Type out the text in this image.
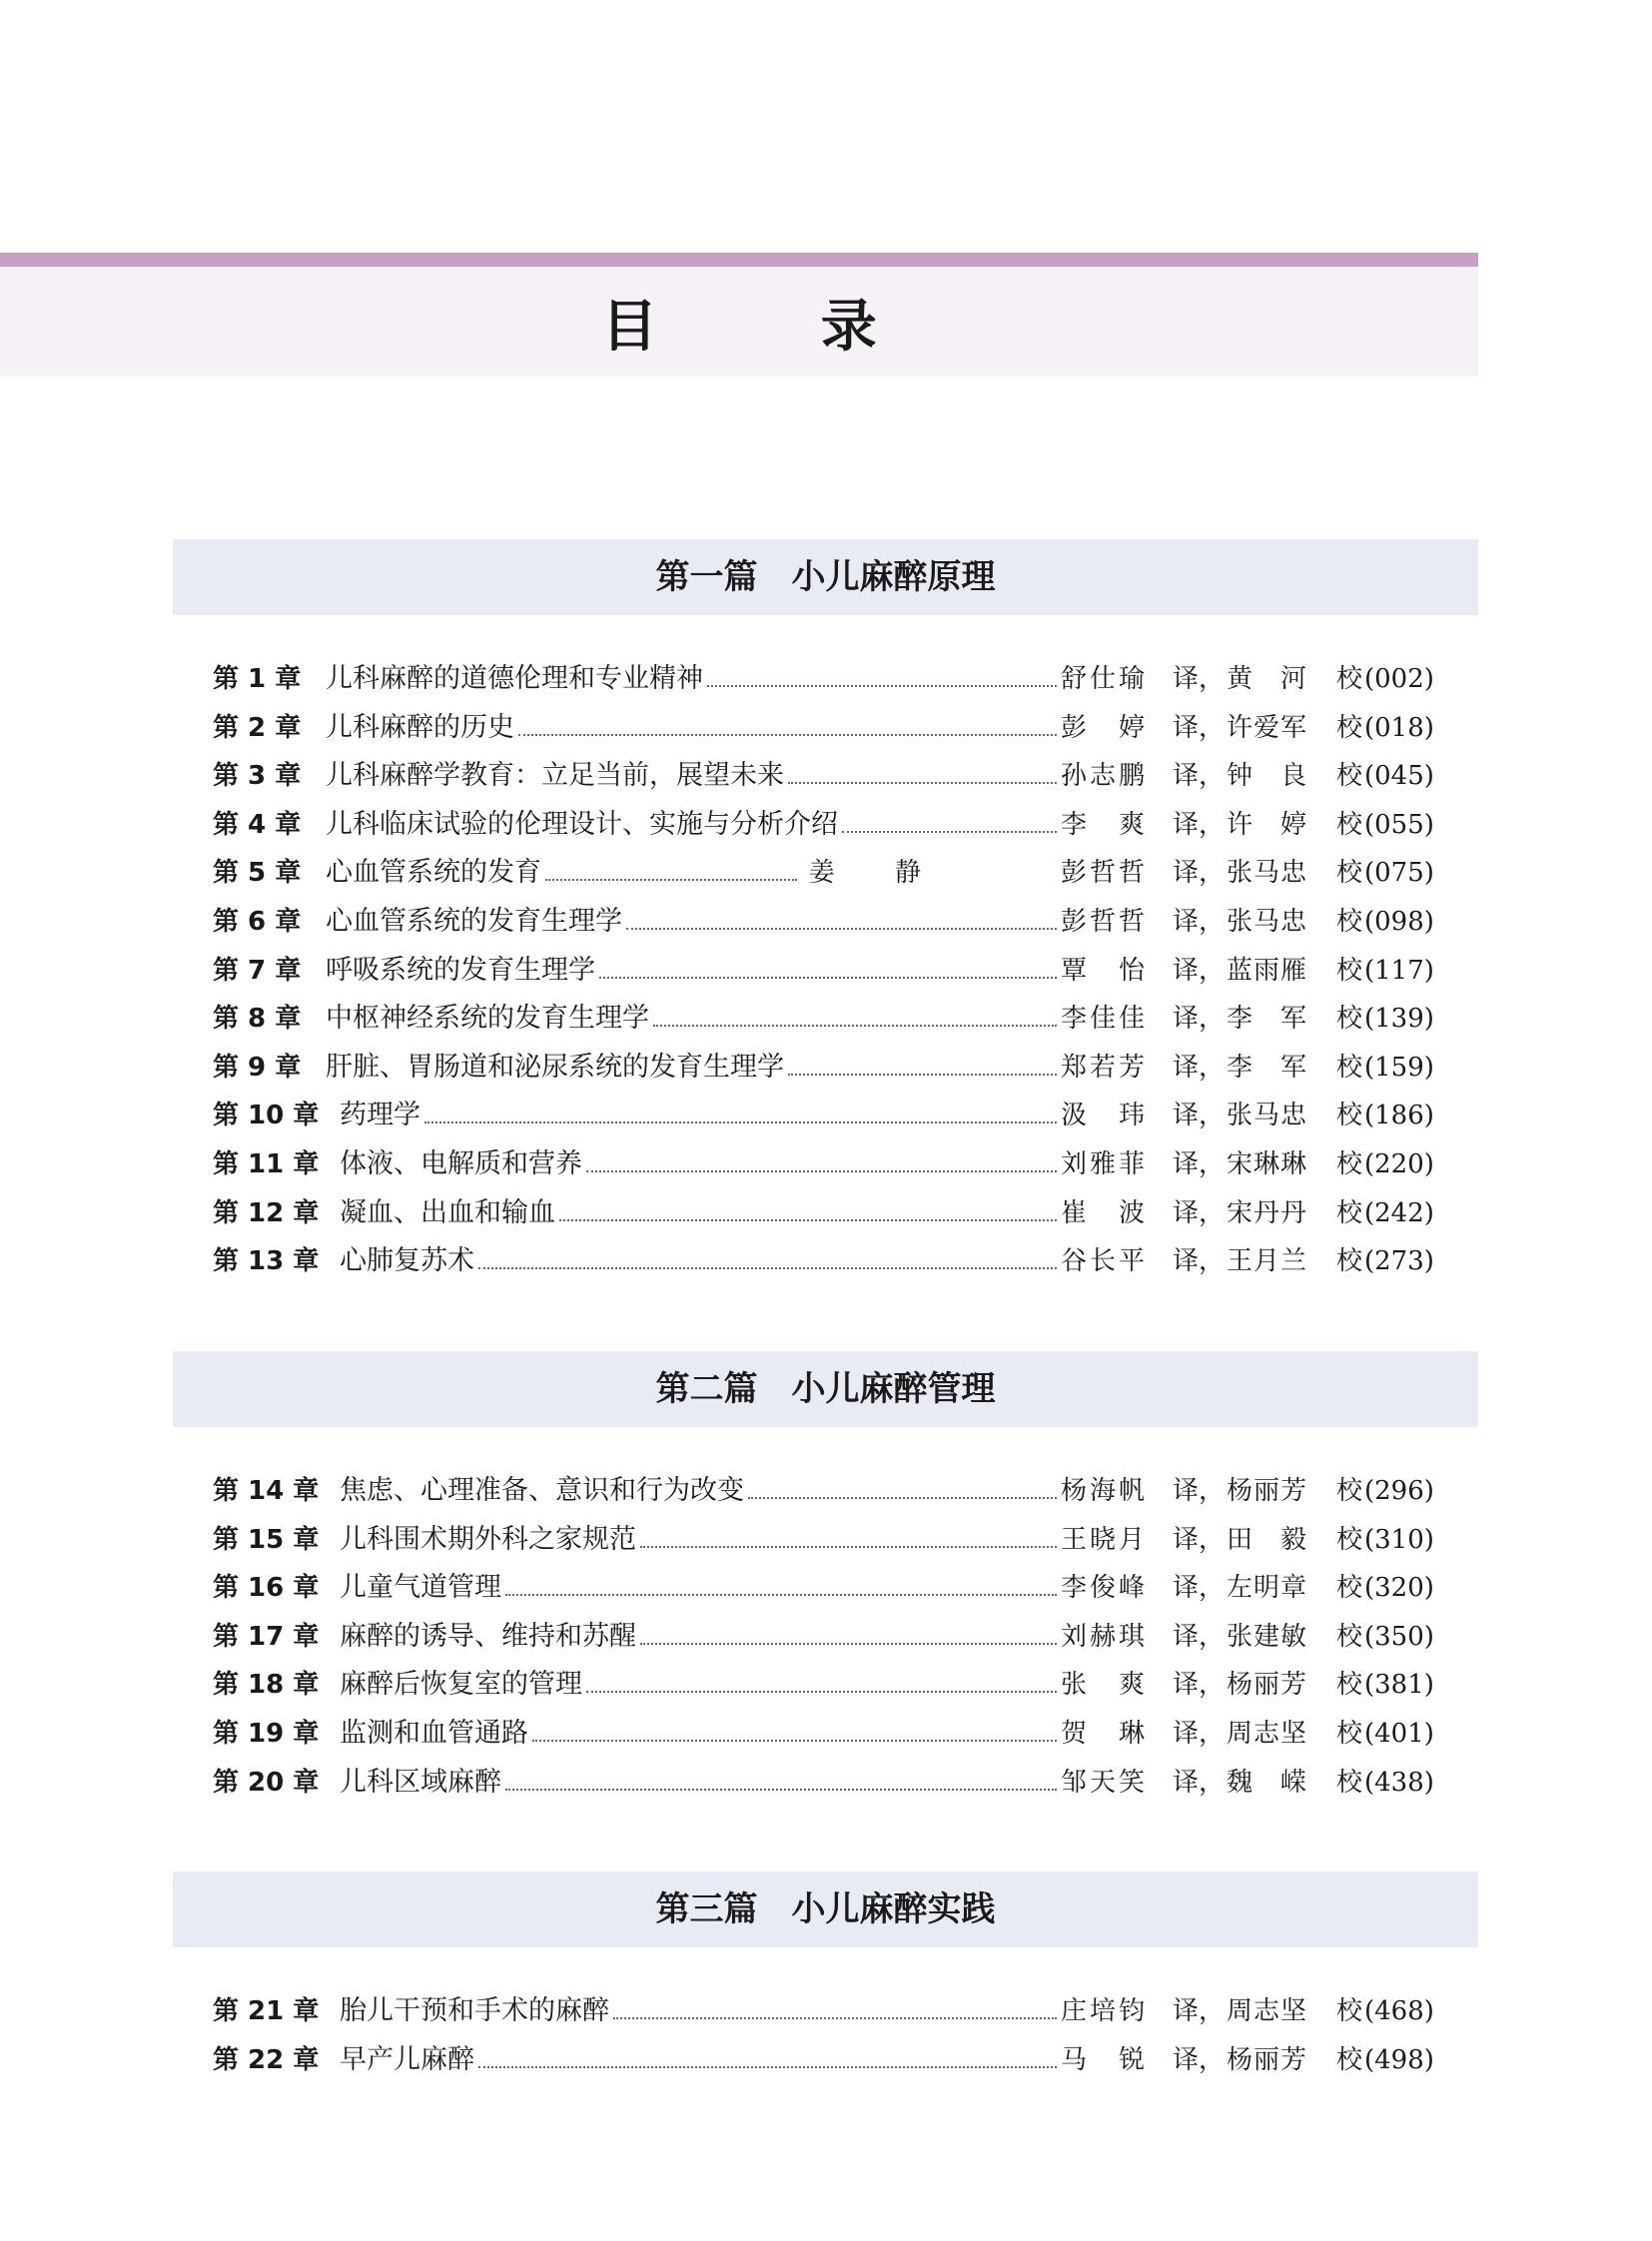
目 录
第一篇 小儿麻醉原理
第 1 章 儿科麻醉的道德伦理和专业精神	舒仕瑜 译， 黄 河 校 (002)
第 2 章 儿科麻醉的历史	彭 婷 译， 许爱军 校 (018)
第 3 章 儿科麻醉学教育：立足当前，展望未来	孙志鹏 译， 钟 良 校 (045)
第 4 章 儿科临床试验的伦理设计、实施与分析介绍	李 爽 译， 许 婷 校 (055)
第 5 章 心血管系统的发育	姜 静	彭哲哲 译， 张马忠 校 (075)
第 6 章 心血管系统的发育生理学	彭哲哲 译， 张马忠 校 (098)
第 7 章 呼吸系统的发育生理学	覃 怡 译， 蓝雨雁 校 (117)
第 8 章 中枢神经系统的发育生理学	李佳佳 译， 李 军 校 (139)
第 9 章 肝脏、胃肠道和泌尿系统的发育生理学	郑若芳 译， 李 军 校 (159)
第 10 章 药理学	汲 玮 译， 张马忠 校 (186)
第 11 章 体液、电解质和营养	刘雅菲 译， 宋琳琳 校 (220)
第 12 章 凝血、出血和输血	崔 波 译， 宋丹丹 校 (242)
第 13 章 心肺复苏术	谷长平 译， 王月兰 校 (273)
第二篇 小儿麻醉管理
第 14 章 焦虑、心理准备、意识和行为改变	杨海帆 译， 杨丽芳 校 (296)
第 15 章 儿科围术期外科之家规范	王晓月 译， 田 毅 校 (310)
第 16 章 儿童气道管理	李俊峰 译， 左明章 校 (320)
第 17 章 麻醉的诱导、维持和苏醒	刘赫琪 译， 张建敏 校 (350)
第 18 章 麻醉后恢复室的管理	张 爽 译， 杨丽芳 校 (381)
第 19 章 监测和血管通路	贺 琳 译， 周志坚 校 (401)
第 20 章 儿科区域麻醉	邹天笑 译， 魏 嵘 校 (438)
第三篇 小儿麻醉实践
第 21 章 胎儿干预和手术的麻醉	庄培钧 译， 周志坚 校 (468)
第 22 章 早产儿麻醉	马 锐 译， 杨丽芳 校 (498)
